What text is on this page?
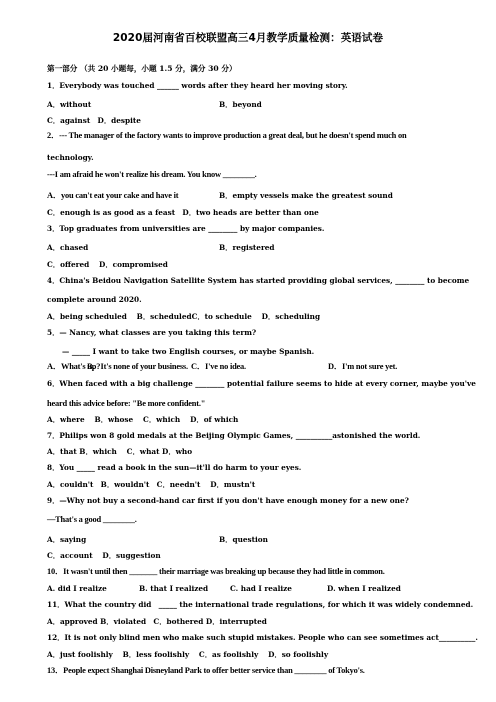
2020届河南省百校联盟高三4月教学质量检测：英语试卷
第一部分 （共 20 小题每，小题 1.5 分，满分 30 分）
1．Everybody was touched ______ words after they heard her moving story.
A．without	B．beyond
C．against　D．despite
2．--- The manager of the factory wants to improve production a great deal, but he doesn't spend much on
technology.
---I am afraid he won't realize his dream. You know ________.
A．you can't eat your cake and have it	B．empty vessels make the greatest sound
C．enough is as good as a feast　D．two heads are better than one
3．Top graduates from universities are ________ by major companies.
A．chased	B．registered
C．offered　 D．compromised
4．China's Beidou Navigation Satellite System has started providing global services, ________ to become
complete around 2020.
A．being scheduled　 B．scheduledC．to schedule　 D．scheduling
5．— Nancy, what classes are you taking this term?
— _____ I want to take two English courses, or maybe Spanish.
A．What's up?
B．It's none of your business. C．I've no idea.	D．I'm not sure yet.
6．When faced with a big challenge ________ potential failure seems to hide at every corner, maybe you've
heard this advice before: "Be more confident."
A．where　 B．whose　 C．which　 D．of which
7．Philips won 8 gold medals at the Beijing Olympic Games, __________astonished the world.
A．that B．which　 C．what D．who
8．You _____ read a book in the sun—it'll do harm to your eyes.
A．couldn't　B．wouldn't　C．needn't　 D．mustn't
9．—Why not buy a second-hand car first if you don't have enough money for a new one?
—That's a good ________.
A．saying	B．question
C．account　 D．suggestion
10．It wasn't until then _______ their marriage was breaking up because they had little in common.
A. did I realize	B. that I realized	C. had I realize	D. when I realized
11．What the country did　_____ the international trade regulations, for which it was widely condemned.
A．approved B．violated　C．bothered D．interrupted
12．It is not only blind men who make such stupid mistakes. People who can see sometimes act__________.
A．just foolishly　 B．less foolishly　 C．as foolishly　 D．so foolishly
13．People expect Shanghai Disneyland Park to offer better service than ________ of Tokyo's.
